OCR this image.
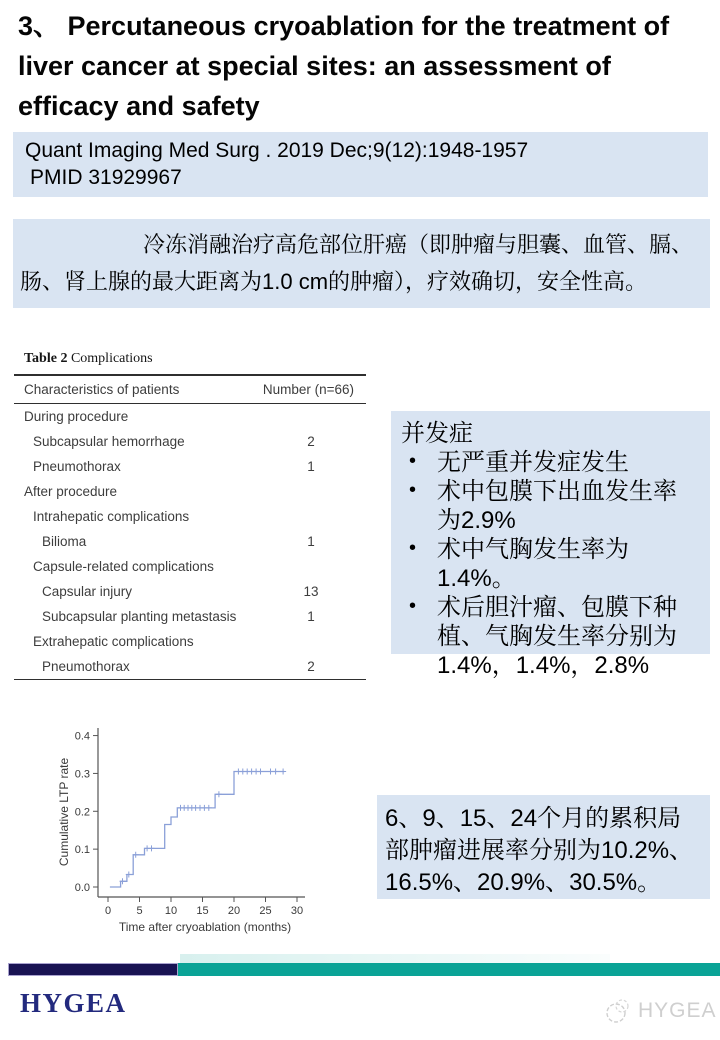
3、 Percutaneous cryoablation for the treatment of liver cancer at special sites: an assessment of efficacy and safety
Quant Imaging Med Surg . 2019 Dec;9(12):1948-1957
PMID 31929967
冷冻消融治疗高危部位肝癌（即肿瘤与胆囊、血管、膈、
肠、肾上腺的最大距离为1.0 cm的肿瘤），疗效确切，安全性高。
Table 2 Complications
Characteristics of patients	Number (n=66)
During procedure
Subcapsular hemorrhage	2
Pneumothorax	1
After procedure
Intrahepatic complications
Bilioma	1
Capsule-related complications
Capsular injury	13
Subcapsular planting metastasis	1
Extrahepatic complications
Pneumothorax	2
并发症
• 无严重并发症发生
• 术中包膜下出血发生率为2.9%
• 术中气胸发生率为1.4%。
• 术后胆汁瘤、包膜下种植、气胸发生率分别为1.4%，1.4%，2.8%
0 5 10 15 20 25 30
0.0
0.1
0.2
0.3
0.4
Time after cryoablation (months)
Cumulative LTP rate	6、9、15、24个月的累积局部肿瘤进展率分别为10.2%、16.5%、20.9%、30.5%。
HYGEA	HYGEA
